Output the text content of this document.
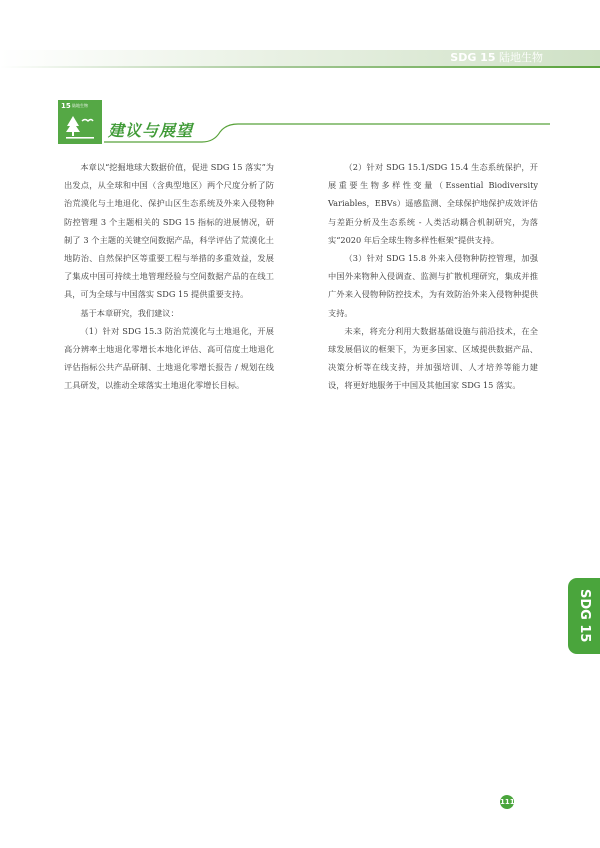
SDG 15 陆地生物
15 陆地生物
建议与展望

本章以“挖掘地球大数据价值，促进 SDG 15 落实”为出发点，从全球和中国（含典型地区）两个尺度分析了防治荒漠化与土地退化、保护山区生态系统及外来入侵物种防控管理 3 个主题相关的 SDG 15 指标的进展情况，研制了 3 个主题的关键空间数据产品，科学评估了荒漠化土地防治、自然保护区等重要工程与举措的多重效益，发展了集成中国可持续土地管理经验与空间数据产品的在线工具，可为全球与中国落实 SDG 15 提供重要支持。

基于本章研究，我们建议：

（1）针对 SDG 15.3 防治荒漠化与土地退化，开展高分辨率土地退化零增长本地化评估、高可信度土地退化评估指标公共产品研制、土地退化零增长报告 / 规划在线工具研发，以推动全球落实土地退化零增长目标。

（2）针对 SDG 15.1/SDG 15.4 生态系统保护，开展重要生物多样性变量（Essential Biodiversity Variables，EBVs）遥感监测、全球保护地保护成效评估与差距分析及生态系统 - 人类活动耦合机制研究，为落实“2020 年后全球生物多样性框架”提供支持。

（3）针对 SDG 15.8 外来入侵物种防控管理，加强中国外来物种入侵调查、监测与扩散机理研究，集成并推广外来入侵物种防控技术，为有效防治外来入侵物种提供支持。

未来，将充分利用大数据基础设施与前沿技术，在全球发展倡议的框架下，为更多国家、区域提供数据产品、决策分析等在线支持，并加强培训、人才培养等能力建设，将更好地服务于中国及其他国家 SDG 15 落实。

SDG 15
111
